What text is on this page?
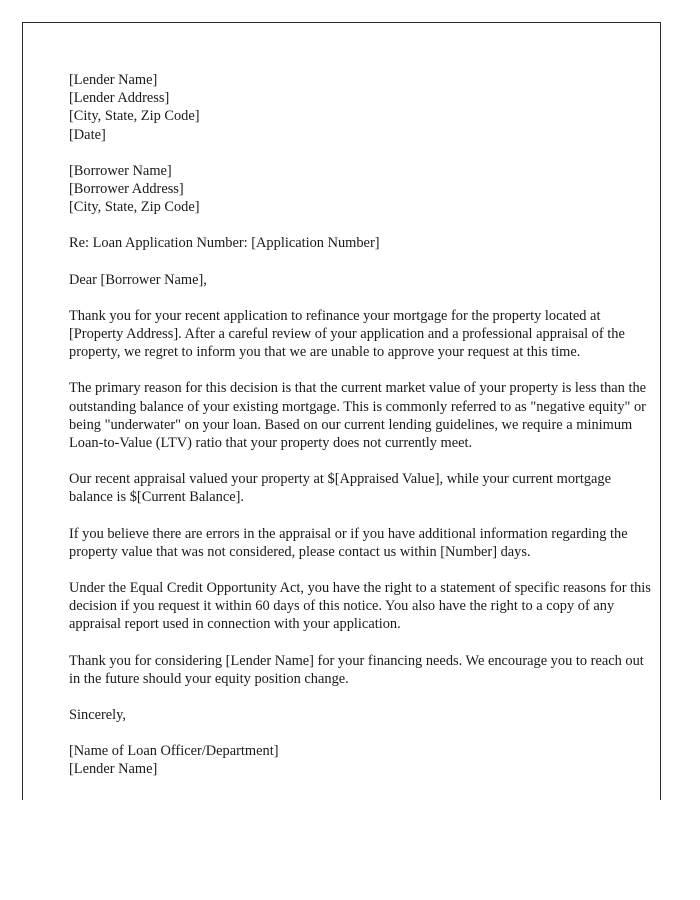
[Lender Name]

[Lender Address]

[City, State, Zip Code]

[Date]

[Borrower Name]

[Borrower Address]

[City, State, Zip Code]

Re: Loan Application Number: [Application Number]

Dear [Borrower Name],

Thank you for your recent application to refinance your mortgage for the property located at [Property Address]. After a careful review of your application and a professional appraisal of the property, we regret to inform you that we are unable to approve your request at this time.

The primary reason for this decision is that the current market value of your property is less than the outstanding balance of your existing mortgage. This is commonly referred to as "negative equity" or being "underwater" on your loan. Based on our current lending guidelines, we require a minimum Loan-to-Value (LTV) ratio that your property does not currently meet.

Our recent appraisal valued your property at $[Appraised Value], while your current mortgage balance is $[Current Balance].

If you believe there are errors in the appraisal or if you have additional information regarding the property value that was not considered, please contact us within [Number] days.

Under the Equal Credit Opportunity Act, you have the right to a statement of specific reasons for this decision if you request it within 60 days of this notice. You also have the right to a copy of any appraisal report used in connection with your application.

Thank you for considering [Lender Name] for your financing needs. We encourage you to reach out in the future should your equity position change.

Sincerely,

[Name of Loan Officer/Department]

[Lender Name]
